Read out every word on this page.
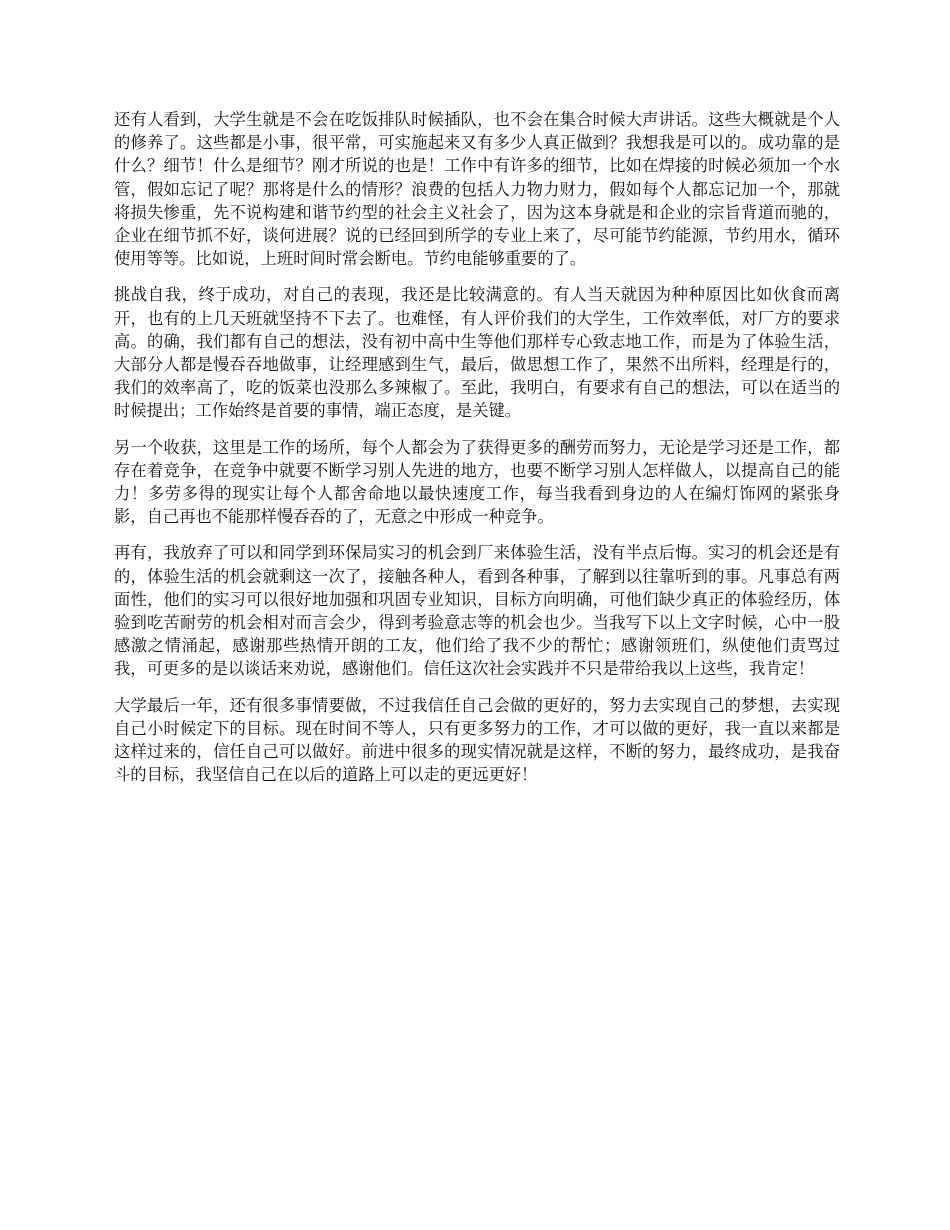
还有人看到，大学生就是不会在吃饭排队时候插队，也不会在集合时候大声讲话。这些大概就是个人的修养了。这些都是小事，很平常，可实施起来又有多少人真正做到？我想我是可以的。成功靠的是什么？细节！什么是细节？刚才所说的也是！工作中有许多的细节，比如在焊接的时候必须加一个水管，假如忘记了呢？那将是什么的情形？浪费的包括人力物力财力，假如每个人都忘记加一个，那就将损失惨重，先不说构建和谐节约型的社会主义社会了，因为这本身就是和企业的宗旨背道而驰的，企业在细节抓不好，谈何进展？说的已经回到所学的专业上来了，尽可能节约能源，节约用水，循环使用等等。比如说，上班时间时常会断电。节约电能够重要的了。

挑战自我，终于成功，对自己的表现，我还是比较满意的。有人当天就因为种种原因比如伙食而离开，也有的上几天班就坚持不下去了。也难怪，有人评价我们的大学生，工作效率低，对厂方的要求高。的确，我们都有自己的想法，没有初中高中生等他们那样专心致志地工作，而是为了体验生活，大部分人都是慢吞吞地做事，让经理感到生气，最后，做思想工作了，果然不出所料，经理是行的，我们的效率高了，吃的饭菜也没那么多辣椒了。至此，我明白，有要求有自己的想法，可以在适当的时候提出；工作始终是首要的事情，端正态度，是关键。

另一个收获，这里是工作的场所，每个人都会为了获得更多的酬劳而努力，无论是学习还是工作，都存在着竞争，在竞争中就要不断学习别人先进的地方，也要不断学习别人怎样做人，以提高自己的能力！多劳多得的现实让每个人都舍命地以最快速度工作，每当我看到身边的人在编灯饰网的紧张身影，自己再也不能那样慢吞吞的了，无意之中形成一种竞争。

再有，我放弃了可以和同学到环保局实习的机会到厂来体验生活，没有半点后悔。实习的机会还是有的，体验生活的机会就剩这一次了，接触各种人，看到各种事，了解到以往靠听到的事。凡事总有两面性，他们的实习可以很好地加强和巩固专业知识，目标方向明确，可他们缺少真正的体验经历，体验到吃苦耐劳的机会相对而言会少，得到考验意志等的机会也少。当我写下以上文字时候，心中一股感激之情涌起，感谢那些热情开朗的工友，他们给了我不少的帮忙；感谢领班们，纵使他们责骂过我，可更多的是以谈话来劝说，感谢他们。信任这次社会实践并不只是带给我以上这些，我肯定！

大学最后一年，还有很多事情要做，不过我信任自己会做的更好的，努力去实现自己的梦想，去实现自己小时候定下的目标。现在时间不等人，只有更多努力的工作，才可以做的更好，我一直以来都是这样过来的，信任自己可以做好。前进中很多的现实情况就是这样，不断的努力，最终成功，是我奋斗的目标，我坚信自己在以后的道路上可以走的更远更好！
